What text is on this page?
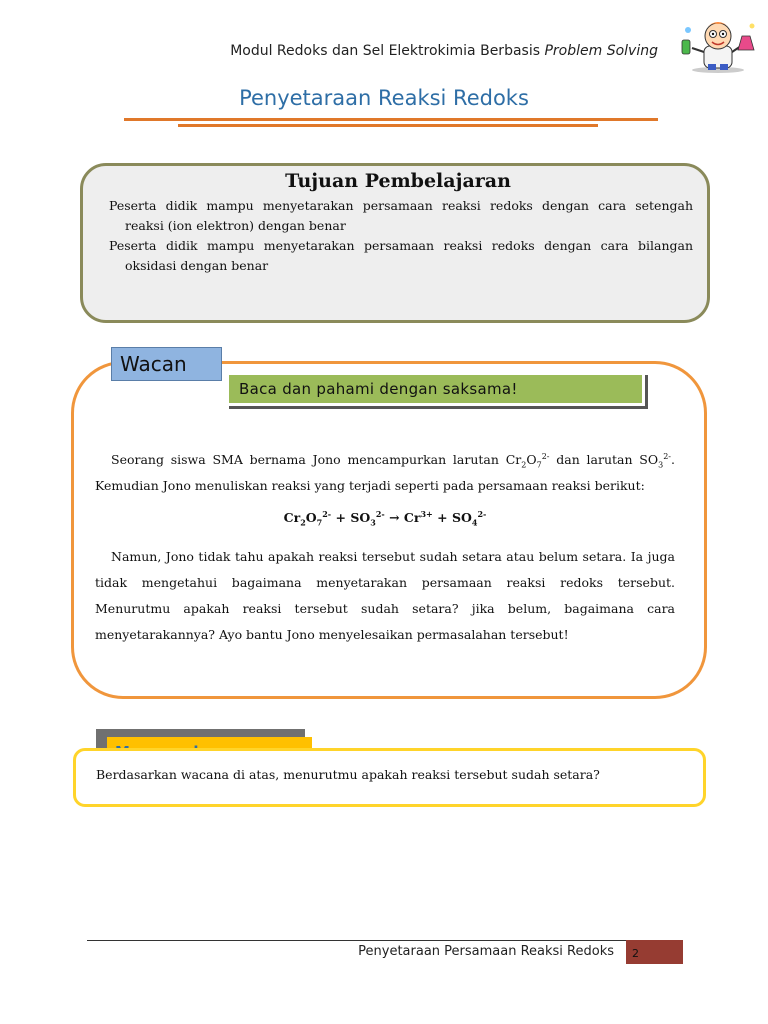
Modul Redoks dan Sel Elektrokimia Berbasis Problem Solving
Penyetaraan Reaksi Redoks
Tujuan Pembelajaran
Peserta didik mampu menyetarakan persamaan reaksi redoks dengan cara setengah
reaksi (ion elektron) dengan benar
Peserta didik mampu menyetarakan persamaan reaksi redoks dengan cara bilangan
oksidasi dengan benar
Wacan
Baca dan pahami dengan saksama!
Seorang siswa SMA bernama Jono mencampurkan larutan $Cr_2O_7^{2-}$ dan larutan $SO_3^{2-}$. Kemudian Jono menuliskan reaksi yang terjadi seperti pada persamaan reaksi berikut:
$Cr_2O_7^{2-} + SO_3^{2-} \to Cr^{3+} + SO_4^{2-}$
Namun, Jono tidak tahu apakah reaksi tersebut sudah setara atau belum setara. Ia juga tidak mengetahui bagaimana menyetarakan persamaan reaksi redoks tersebut. Menurutmu apakah reaksi tersebut sudah setara? jika belum, bagaimana cara menyetarakannya? Ayo bantu Jono menyelesaikan permasalahan tersebut!
Berdasarkan wacana di atas, menurutmu apakah reaksi tersebut sudah setara?
Penyetaraan Persamaan Reaksi Redoks	2
